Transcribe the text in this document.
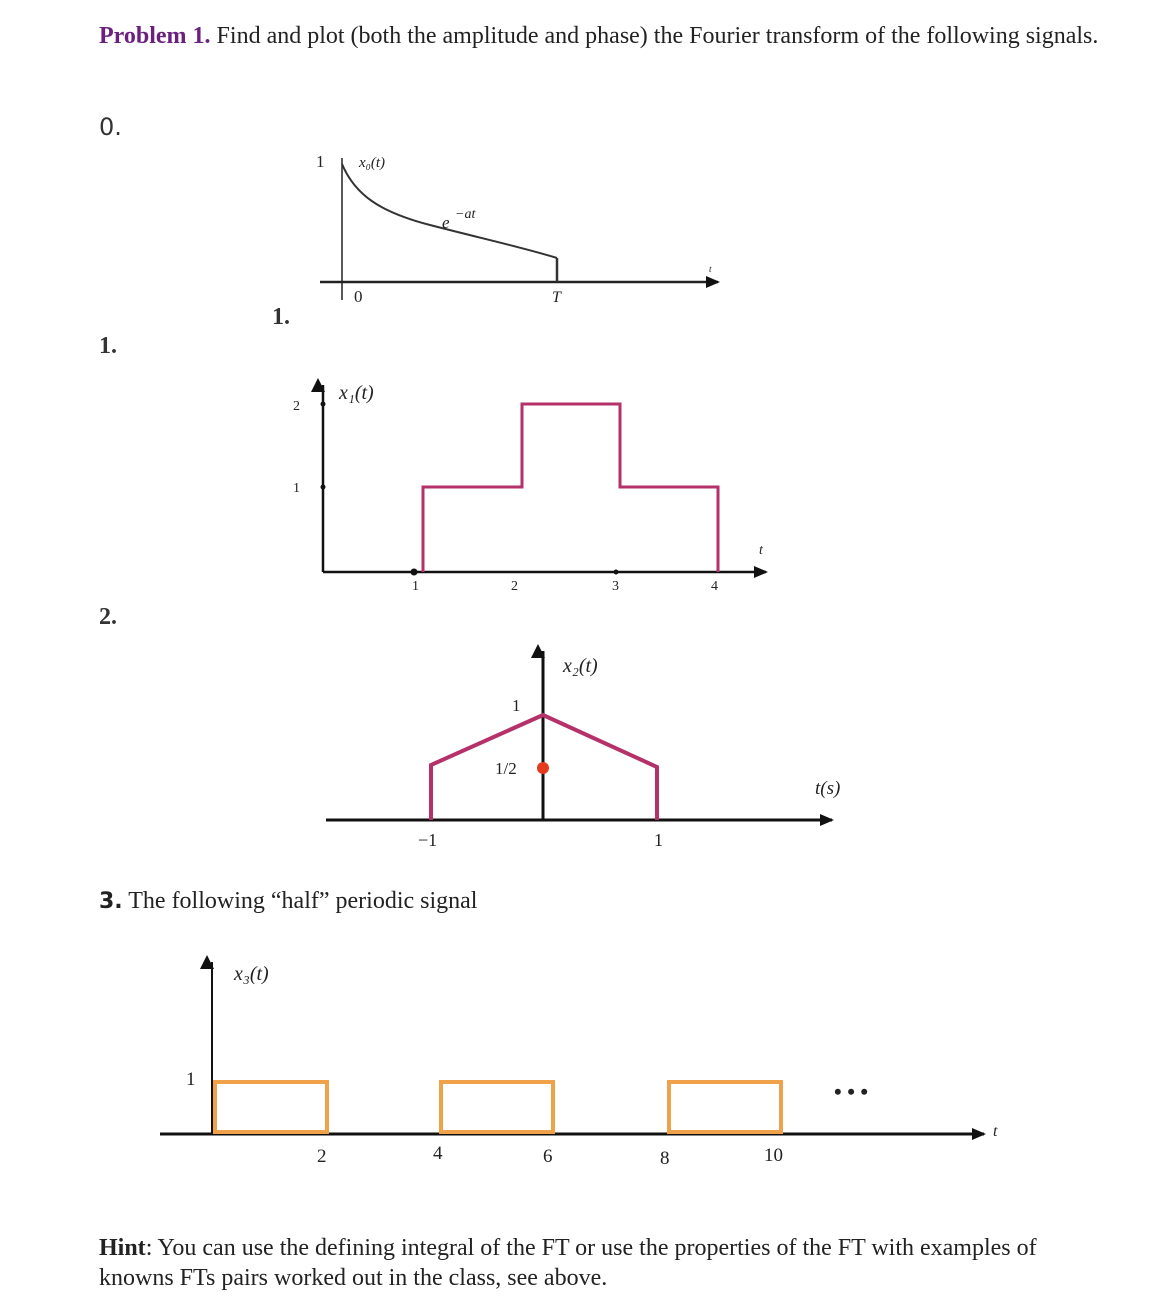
Problem 1. Find and plot (both the amplitude and phase) the Fourier transform of the following signals.
0.
1.
1.
2.
3. The following “half” periodic signal
Hint: You can use the defining integral of the FT or use the properties of the FT with examples of knowns FTs pairs worked out in the class, see above.
1 x₀(t)
e −at
0	T
t
x₁(t)
2
1
1	2	3	4
t
x₂(t)
1
1/2
−1	1
t(s)
x₃(t)
1
2	4	6	8	10
• • •
t
